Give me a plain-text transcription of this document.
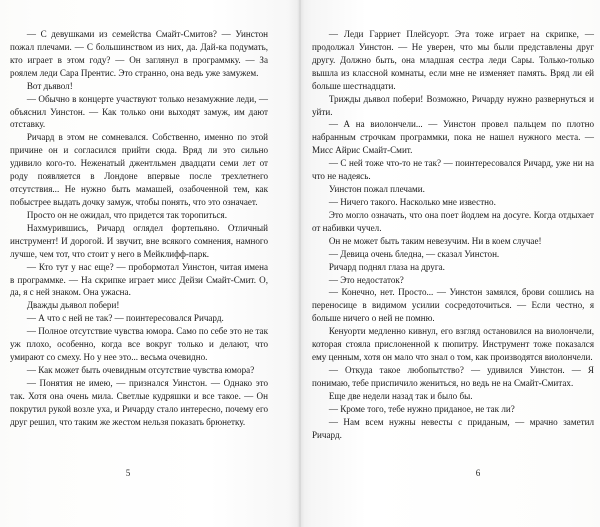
— С девушками из семейства Смайт-Смитов? — Уинстон пожал плечами. — С большинством из них, да. Дай-ка подумать, кто играет в этом году? — Он заглянул в программку. — За роялем леди Сара Прентис. Это странно, она ведь уже замужем.

Вот дьявол!

— Обычно в концерте участвуют только незамужние леди, — объяснил Уинстон. — Как только они выходят замуж, им дают отставку.

Ричард в этом не сомневался. Собственно, именно по этой причине он и согласился прийти сюда. Вряд ли это сильно удивило кого-то. Неженатый джентльмен двадцати семи лет от роду появляется в Лондоне впервые после трехлетнего отсутствия... Не нужно быть мамашей, озабоченной тем, как побыстрее выдать дочку замуж, чтобы понять, что это означает.

Просто он не ожидал, что придется так торопиться.

Нахмурившись, Ричард оглядел фортепьяно. Отличный инструмент! И дорогой. И звучит, вне всякого сомнения, намного лучше, чем тот, что стоит у него в Мейклифф-парк.

— Кто тут у нас еще? — пробормотал Уинстон, читая имена в программке. — На скрипке играет мисс Дейзи Смайт-Смит. О, да, я с ней знаком. Она ужасна.

Дважды дьявол побери!

— А что с ней не так? — поинтересовался Ричард.

— Полное отсутствие чувства юмора. Само по себе это не так уж плохо, особенно, когда все вокруг только и делают, что умирают со смеху. Но у нее это... весьма очевидно.

— Как может быть очевидным отсутствие чувства юмора?

— Понятия не имею, — признался Уинстон. — Однако это так. Хотя она очень мила. Светлые кудряшки и все такое. — Он покрутил рукой возле уха, и Ричарду стало интересно, почему его друг решил, что таким же жестом нельзя показать брюнетку.

5

— Леди Гарриет Плейсуорт. Эта тоже играет на скрипке, — продолжал Уинстон. — Не уверен, что мы были представлены друг другу. Должно быть, она младшая сестра леди Сары. Только-только вышла из классной комнаты, если мне не изменяет память. Вряд ли ей больше шестнадцати.

Трижды дьявол побери! Возможно, Ричарду нужно развернуться и уйти.

— А на виолончели... — Уинстон провел пальцем по плотно набранным строчкам программки, пока не нашел нужного места. — Мисс Айрис Смайт-Смит.

— С ней тоже что-то не так? — поинтересовался Ричард, уже ни на что не надеясь.

Уинстон пожал плечами.

— Ничего такого. Насколько мне известно.

Это могло означать, что она поет йодлем на досуге. Когда отдыхает от набивки чучел.

Он не может быть таким невезучим. Ни в коем случае!

— Девица очень бледна, — сказал Уинстон.

Ричард поднял глаза на друга.

— Это недостаток?

— Конечно, нет. Просто... — Уинстон замялся, брови сошлись на переносице в видимом усилии сосредоточиться. — Если честно, я больше ничего о ней не помню.

Кенуорти медленно кивнул, его взгляд остановился на виолончели, которая стояла прислоненной к пюпитру. Инструмент тоже показался ему ценным, хотя он мало что знал о том, как производятся виолончели.

— Откуда такое любопытство? — удивился Уинстон. — Я понимаю, тебе приспичило жениться, но ведь не на Смайт-Смитах.

Еще две недели назад так и было бы.

— Кроме того, тебе нужно приданое, не так ли?

— Нам всем нужны невесты с приданым, — мрачно заметил Ричард.

6
